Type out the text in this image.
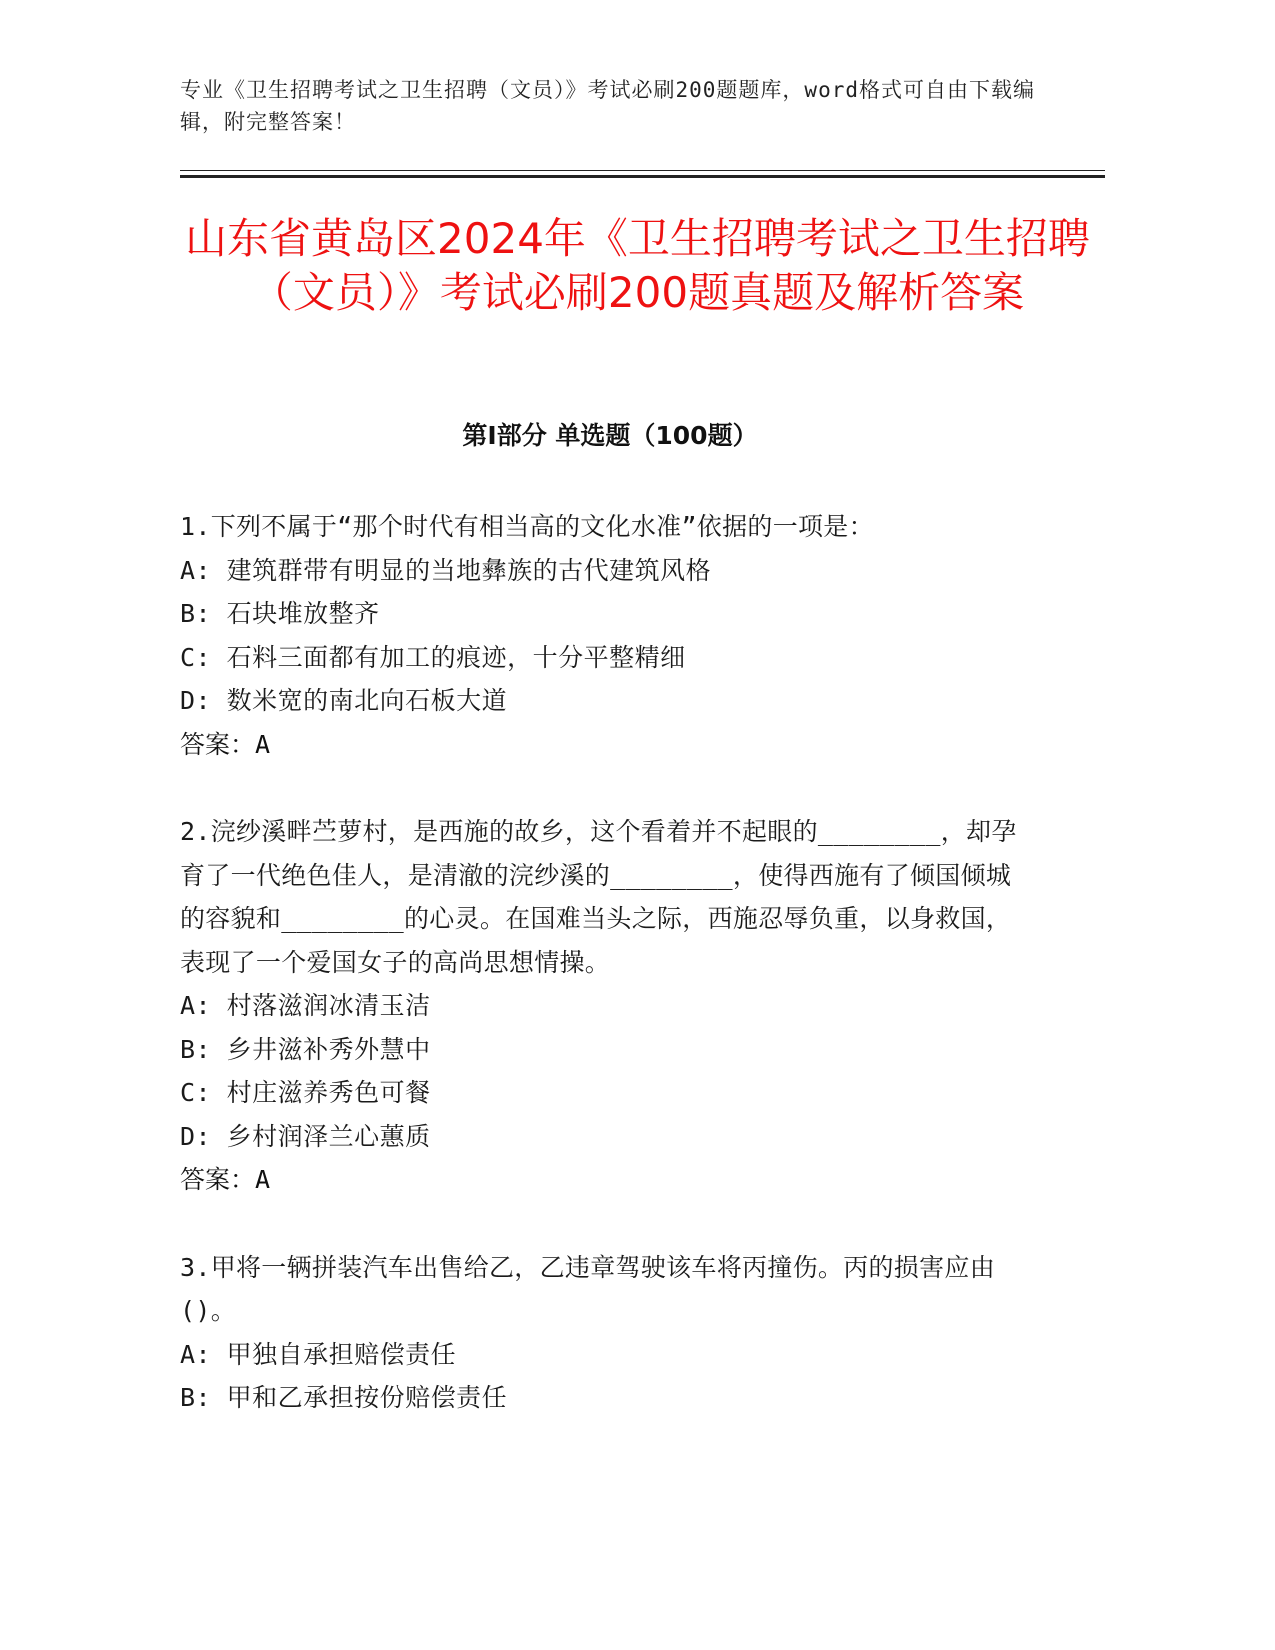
专业《卫生招聘考试之卫生招聘（文员）》考试必刷200题题库，word格式可自由下载编辑，附完整答案！
山东省黄岛区2024年《卫生招聘考试之卫生招聘（文员）》考试必刷200题真题及解析答案
第Ⅰ部分 单选题（100题）

1.下列不属于“那个时代有相当高的文化水准”依据的一项是：

A: 建筑群带有明显的当地彝族的古代建筑风格

B: 石块堆放整齐

C: 石料三面都有加工的痕迹，十分平整精细

D: 数米宽的南北向石板大道

答案：A

2.浣纱溪畔苎萝村，是西施的故乡，这个看着并不起眼的________，却孕育了一代绝色佳人，是清澈的浣纱溪的________，使得西施有了倾国倾城的容貌和________的心灵。在国难当头之际，西施忍辱负重，以身救国，表现了一个爱国女子的高尚思想情操。

A: 村落滋润冰清玉洁

B: 乡井滋补秀外慧中

C: 村庄滋养秀色可餐

D: 乡村润泽兰心蕙质

答案：A

3.甲将一辆拼装汽车出售给乙，乙违章驾驶该车将丙撞伤。丙的损害应由()。

A: 甲独自承担赔偿责任

B: 甲和乙承担按份赔偿责任
